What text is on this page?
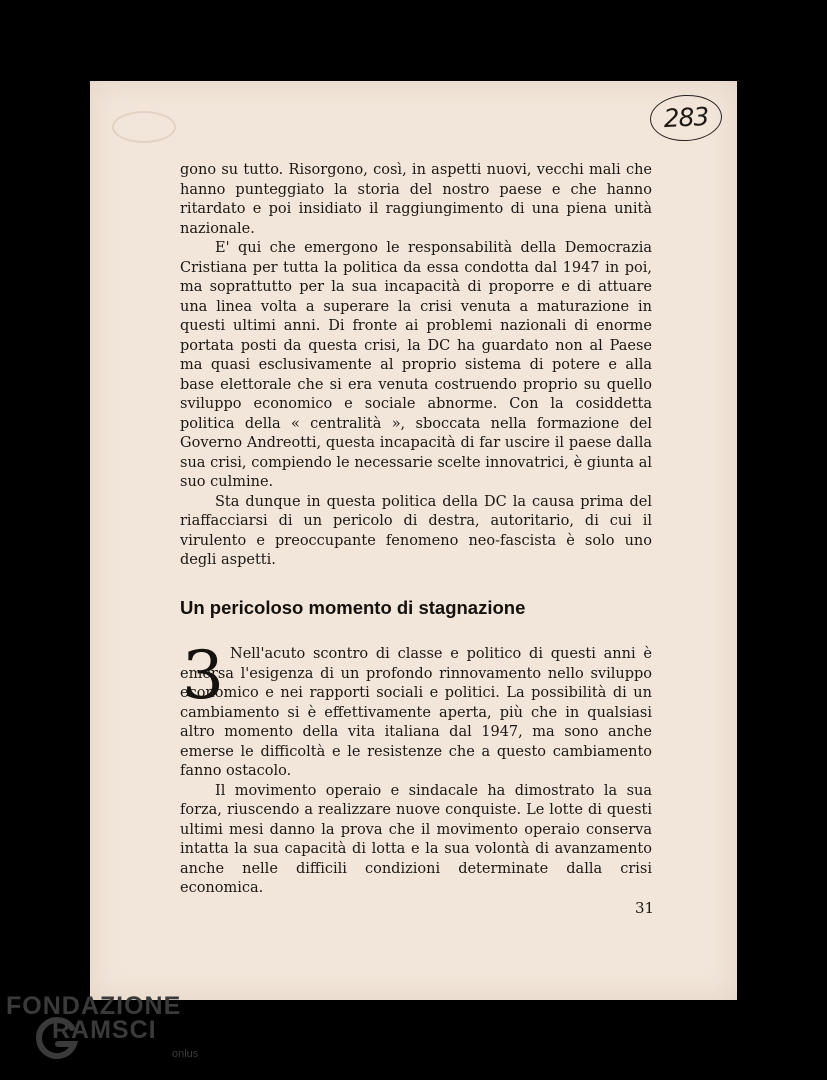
283

gono su tutto. Risorgono, così, in aspetti nuovi, vecchi mali che hanno punteggiato la storia del nostro paese e che hanno ritardato e poi insidiato il raggiungimento di una piena unità nazionale.

E' qui che emergono le responsabilità della Democrazia Cristiana per tutta la politica da essa condotta dal 1947 in poi, ma soprattutto per la sua incapacità di proporre e di attuare una linea volta a superare la crisi venuta a maturazione in questi ultimi anni. Di fronte ai problemi nazionali di enorme portata posti da questa crisi, la DC ha guardato non al Paese ma quasi esclusivamente al proprio sistema di potere e alla base elettorale che si era venuta costruendo proprio su quello sviluppo economico e sociale abnorme. Con la cosiddetta politica della « centralità », sboccata nella formazione del Governo Andreotti, questa incapacità di far uscire il paese dalla sua crisi, compiendo le necessarie scelte innovatrici, è giunta al suo culmine.

Sta dunque in questa politica della DC la causa prima del riaffacciarsi di un pericolo di destra, autoritario, di cui il virulento e preoccupante fenomeno neo-fascista è solo uno degli aspetti.

Un pericoloso momento di stagnazione
3 Nell'acuto scontro di classe e politico di questi anni è emersa l'esigenza di un profondo rinnovamento nello sviluppo economico e nei rapporti sociali e politici. La possibilità di un cambiamento si è effettivamente aperta, più che in qualsiasi altro momento della vita italiana dal 1947, ma sono anche emerse le difficoltà e le resistenze che a questo cambiamento fanno ostacolo.

Il movimento operaio e sindacale ha dimostrato la sua forza, riuscendo a realizzare nuove conquiste. Le lotte di questi ultimi mesi danno la prova che il movimento operaio conserva intatta la sua capacità di lotta e la sua volontà di avanzamento anche nelle difficili condizioni determinate dalla crisi economica.

31
FONDAZIONE
RAMSCI
onlus
